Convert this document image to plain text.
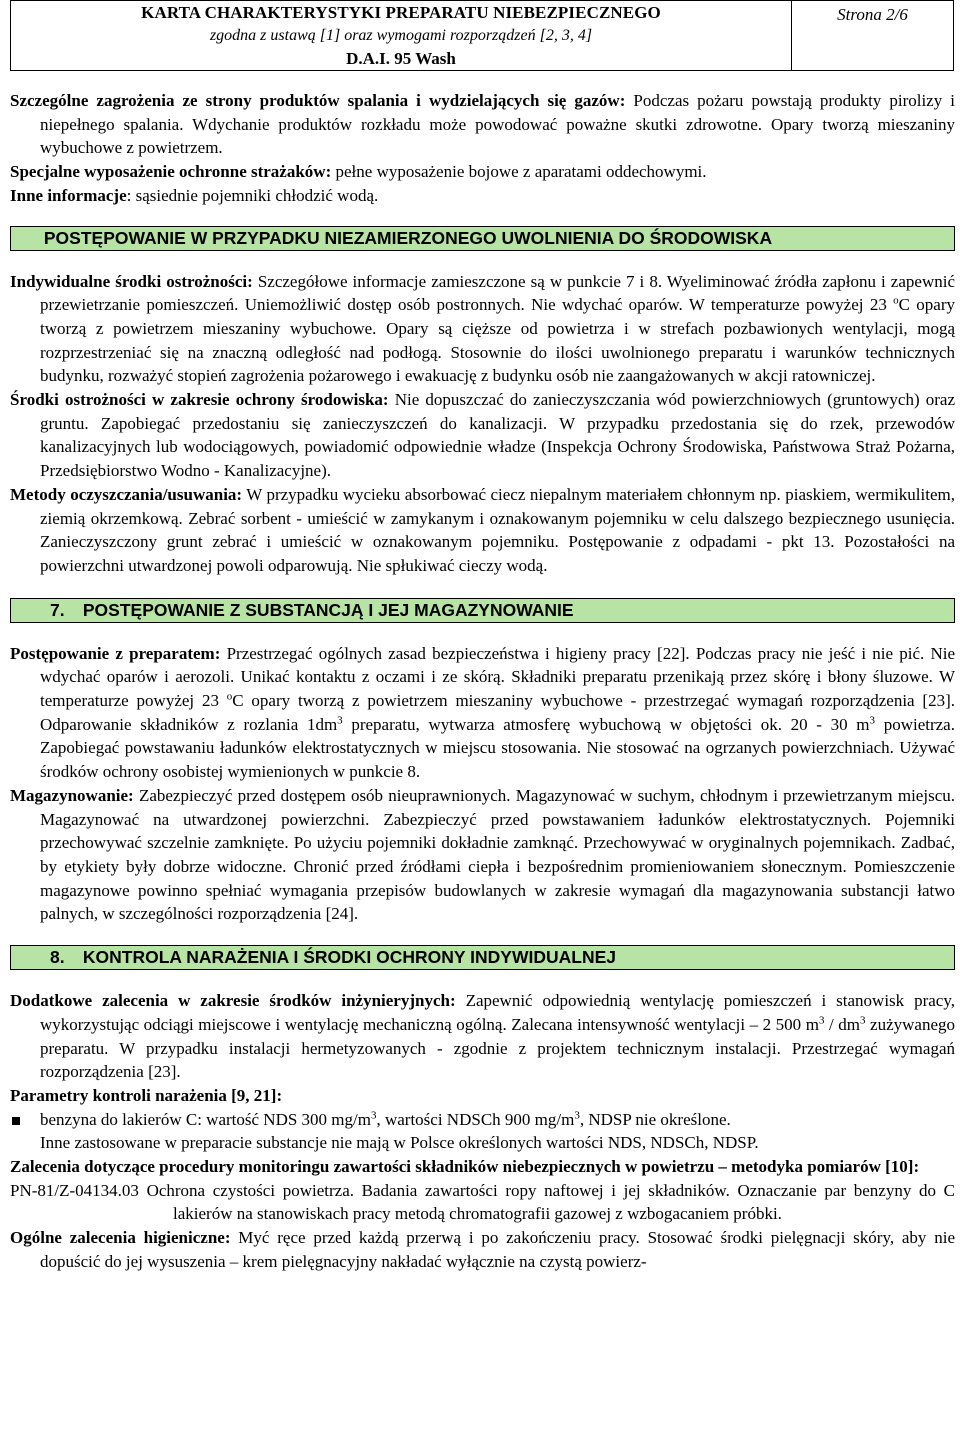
KARTA CHARAKTERYSTYKI PREPARATU NIEBEZPIECZNEGO
zgodna z ustawą [1] oraz wymogami rozporządzeń [2, 3, 4]
D.A.I. 95 Wash
	Strona 2/6

Szczególne zagrożenia ze strony produktów spalania i wydzielających się gazów: Podczas pożaru powstają produkty pirolizy i niepełnego spalania. Wdychanie produktów rozkładu może powodować poważne skutki zdrowotne. Opary tworzą mieszaniny wybuchowe z powietrzem.

Specjalne wyposażenie ochronne strażaków: pełne wyposażenie bojowe z aparatami oddechowymi.

Inne informacje: sąsiednie pojemniki chłodzić wodą.

POSTĘPOWANIE W PRZYPADKU NIEZAMIERZONEGO UWOLNIENIA DO ŚRODOWISKA

Indywidualne środki ostrożności: Szczegółowe informacje zamieszczone są w punkcie 7 i 8. Wyeliminować źródła zapłonu i zapewnić przewietrzanie pomieszczeń. Uniemożliwić dostęp osób postronnych. Nie wdychać oparów. W temperaturze powyżej 23 $^o$C opary tworzą z powietrzem mieszaniny wybuchowe. Opary są cięższe od powietrza i w strefach pozbawionych wentylacji, mogą rozprzestrzeniać się na znaczną odległość nad podłogą. Stosownie do ilości uwolnionego preparatu i warunków technicznych budynku, rozważyć stopień zagrożenia pożarowego i ewakuację z budynku osób nie zaangażowanych w akcji ratowniczej.

Środki ostrożności w zakresie ochrony środowiska: Nie dopuszczać do zanieczyszczania wód powierzchniowych (gruntowych) oraz gruntu. Zapobiegać przedostaniu się zanieczyszczeń do kanalizacji. W przypadku przedostania się do rzek, przewodów kanalizacyjnych lub wodociągowych, powiadomić odpowiednie władze (Inspekcja Ochrony Środowiska, Państwowa Straż Pożarna, Przedsiębiorstwo Wodno - Kanalizacyjne).

Metody oczyszczania/usuwania: W przypadku wycieku absorbować ciecz niepalnym materiałem chłonnym np. piaskiem, wermikulitem, ziemią okrzemkową. Zebrać sorbent - umieścić w zamykanym i oznakowanym pojemniku w celu dalszego bezpiecznego usunięcia. Zanieczyszczony grunt zebrać i umieścić w oznakowanym pojemniku. Postępowanie z odpadami - pkt 13. Pozostałości na powierzchni utwardzonej powoli odparowują. Nie spłukiwać cieczy wodą.

7. POSTĘPOWANIE Z SUBSTANCJĄ I JEJ MAGAZYNOWANIE

Postępowanie z preparatem: Przestrzegać ogólnych zasad bezpieczeństwa i higieny pracy [22]. Podczas pracy nie jeść i nie pić. Nie wdychać oparów i aerozoli. Unikać kontaktu z oczami i ze skórą. Składniki preparatu przenikają przez skórę i błony śluzowe. W temperaturze powyżej 23 $^o$C opary tworzą z powietrzem mieszaniny wybuchowe - przestrzegać wymagań rozporządzenia [23]. Odparowanie składników z rozlania $1dm^3$ preparatu, wytwarza atmosferę wybuchową w objętości ok. 20 - 30 $m^3$ powietrza. Zapobiegać powstawaniu ładunków elektrostatycznych w miejscu stosowania. Nie stosować na ogrzanych powierzchniach. Używać środków ochrony osobistej wymienionych w punkcie 8.

Magazynowanie: Zabezpieczyć przed dostępem osób nieuprawnionych. Magazynować w suchym, chłodnym i przewietrzanym miejscu. Magazynować na utwardzonej powierzchni. Zabezpieczyć przed powstawaniem ładunków elektrostatycznych. Pojemniki przechowywać szczelnie zamknięte. Po użyciu pojemniki dokładnie zamknąć. Przechowywać w oryginalnych pojemnikach. Zadbać, by etykiety były dobrze widoczne. Chronić przed źródłami ciepła i bezpośrednim promieniowaniem słonecznym. Pomieszczenie magazynowe powinno spełniać wymagania przepisów budowlanych w zakresie wymagań dla magazynowania substancji łatwo palnych, w szczególności rozporządzenia [24].

8. KONTROLA NARAŻENIA I ŚRODKI OCHRONY INDYWIDUALNEJ

Dodatkowe zalecenia w zakresie środków inżynieryjnych: Zapewnić odpowiednią wentylację pomieszczeń i stanowisk pracy, wykorzystując odciągi miejscowe i wentylację mechaniczną ogólną. Zalecana intensywność wentylacji – 2 500 $m^3 / dm^3$ zużywanego preparatu. W przypadku instalacji hermetyzowanych - zgodnie z projektem technicznym instalacji. Przestrzegać wymagań rozporządzenia [23].

Parametry kontroli narażenia [9, 21]:

benzyna do lakierów C: wartość NDS 300 $mg/m^3$, wartości NDSCh 900 $mg/m^3$, NDSP nie określone.

Inne zastosowane w preparacie substancje nie mają w Polsce określonych wartości NDS, NDSCh, NDSP.

Zalecenia dotyczące procedury monitoringu zawartości składników niebezpiecznych w powietrzu – metodyka pomiarów [10]:

PN-81/Z-04134.03 Ochrona czystości powietrza. Badania zawartości ropy naftowej i jej składników. Oznaczanie par benzyny do C lakierów na stanowiskach pracy metodą chromatografii gazowej z wzbogacaniem próbki.

Ogólne zalecenia higieniczne: Myć ręce przed każdą przerwą i po zakończeniu pracy. Stosować środki pielęgnacji skóry, aby nie dopuścić do jej wysuszenia – krem pielęgnacyjny nakładać wyłącznie na czystą powierz-
